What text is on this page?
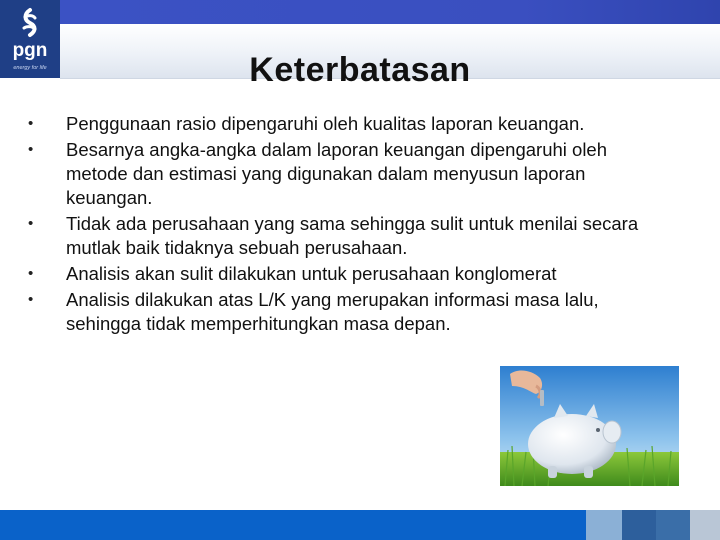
pgn
energy for life	Keterbatasan
• Penggunaan rasio dipengaruhi oleh kualitas laporan keuangan.
• Besarnya angka-angka dalam laporan keuangan dipengaruhi oleh metode dan estimasi yang digunakan dalam menyusun laporan keuangan.
• Tidak ada perusahaan yang sama sehingga sulit untuk menilai secara mutlak baik tidaknya sebuah perusahaan.
• Analisis akan sulit dilakukan untuk perusahaan konglomerat
• Analisis dilakukan atas L/K yang merupakan informasi masa lalu, sehingga tidak memperhitungkan masa depan.
